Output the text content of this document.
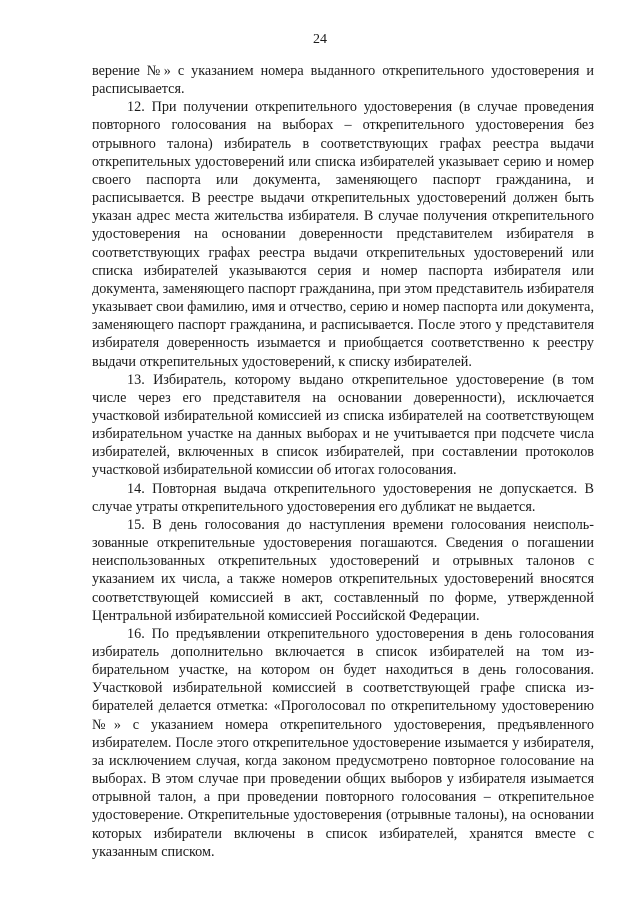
24

верение №» с указанием номера выданного открепительного удостоверения и расписывается.

12. При получении открепительного удостоверения (в случае проведения повторного голосования на выборах – открепительного удостоверения без отрывного талона) избиратель в соответствующих графах реестра выдачи открепительных удостоверений или списка избирателей указывает серию и номер своего паспорта или документа, заменяющего паспорт гражданина, и расписывается. В реестре выдачи открепительных удостоверений должен быть указан адрес места жительства избирателя. В случае получения открепительного удостоверения на основании доверенности представителем избирателя в соответствующих графах реестра выдачи открепительных удостоверений или списка избирателей указываются серия и номер паспорта избирателя или документа, заменяющего паспорт гражданина, при этом представитель избирателя указывает свои фамилию, имя и отчество, серию и номер паспорта или документа, заменяющего паспорт гражданина, и расписывается. После этого у представителя избирателя доверенность изымается и приобщается соответственно к реестру выдачи открепительных удостоверений, к списку избирателей.

13. Избиратель, которому выдано открепительное удостоверение (в том числе через его представителя на основании доверенности), исключается участковой избирательной комиссией из списка избирателей на соответствующем избирательном участке на данных выборах и не учитывается при подсчете числа избирателей, включенных в список избирателей, при составлении протоколов участковой избирательной комиссии об итогах голосования.

14. Повторная выдача открепительного удостоверения не допускается. В случае утраты открепительного удостоверения его дубликат не выдается.

15. В день голосования до наступления времени голосования неиспользованные открепительные удостоверения погашаются. Сведения о погашении неиспользованных открепительных удостоверений и отрывных талонов с указанием их числа, а также номеров открепительных удостоверений вносятся соответствующей комиссией в акт, составленный по форме, утвержденной Центральной избирательной комиссией Российской Федерации.

16. По предъявлении открепительного удостоверения в день голосования избиратель дополнительно включается в список избирателей на том избирательном участке, на котором он будет находиться в день голосования. Участковой избирательной комиссией в соответствующей графе списка избирателей делается отметка: «Проголосовал по открепительному удостоверению №» с указанием номера открепительного удостоверения, предъявленного избирателем. После этого открепительное удостоверение изымается у избирателя, за исключением случая, когда законом предусмотрено повторное голосование на выборах. В этом случае при проведении общих выборов у избирателя изымается отрывной талон, а при проведении повторного голосования – открепительное удостоверение. Открепительные удостоверения (отрывные талоны), на основании которых избиратели включены в список избирателей, хранятся вместе с указанным списком.
